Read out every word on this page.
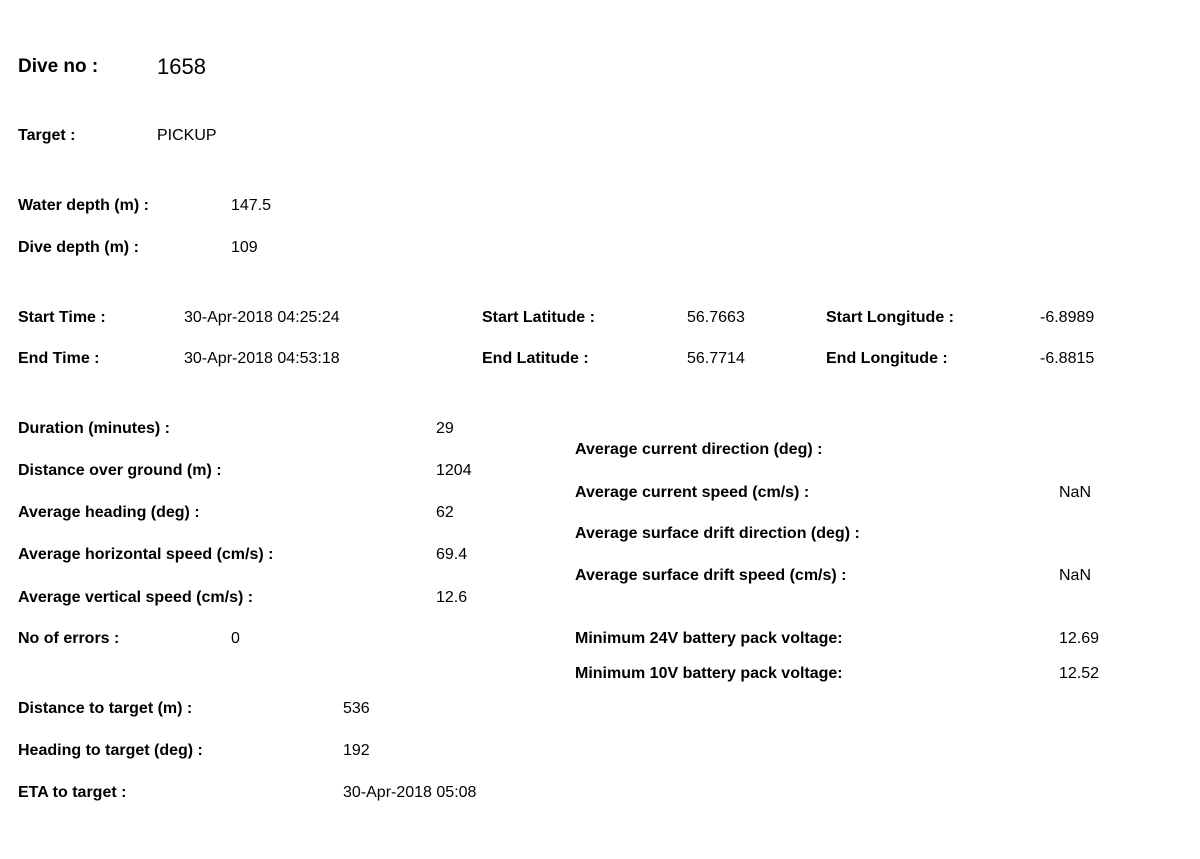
Dive no :	1658
Target :	PICKUP
Water depth (m) :	147.5
Dive depth (m) :	109
Start Time :	30-Apr-2018 04:25:24	Start Latitude :	56.7663	Start Longitude :	-6.8989
End Time :	30-Apr-2018 04:53:18	End Latitude :	56.7714	End Longitude :	-6.8815
Duration (minutes) :	29
Distance over ground (m) :	1204
Average heading (deg) :	62
Average horizontal speed (cm/s) :	69.4
Average vertical speed (cm/s) :	12.6
No of errors :	0
Average current direction (deg) :
Average current speed (cm/s) :	NaN
Average surface drift direction (deg) :
Average surface drift speed (cm/s) :	NaN
Minimum 24V battery pack voltage:	12.69
Minimum 10V battery pack voltage:	12.52
Distance to target (m) :	536
Heading to target (deg) :	192
ETA to target :	30-Apr-2018 05:08
